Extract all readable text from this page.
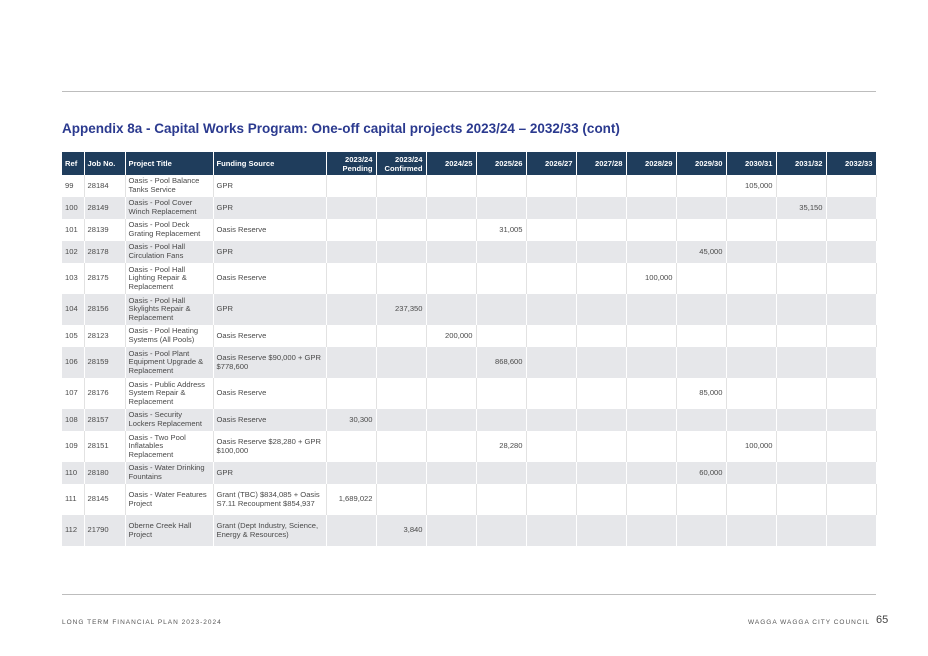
Appendix 8a - Capital Works Program: One-off capital projects 2023/24 – 2032/33 (cont)
Ref	Job No.	Project Title	Funding Source	2023/24 Pending	2023/24 Confirmed	2024/25	2025/26	2026/27	2027/28	2028/29	2029/30	2030/31	2031/32	2032/33
99	28184	Oasis - Pool Balance Tanks Service	GPR									105,000		
100	28149	Oasis - Pool Cover Winch Replacement	GPR										35,150	
101	28139	Oasis - Pool Deck Grating Replacement	Oasis Reserve				31,005							
102	28178	Oasis - Pool Hall Circulation Fans	GPR								45,000			
103	28175	Oasis - Pool Hall Lighting Repair & Replacement	Oasis Reserve							100,000				
104	28156	Oasis - Pool Hall Skylights Repair & Replacement	GPR		237,350									
105	28123	Oasis - Pool Heating Systems (All Pools)	Oasis Reserve			200,000								
106	28159	Oasis - Pool Plant Equipment Upgrade & Replacement	Oasis Reserve $90,000 + GPR $778,600				868,600							
107	28176	Oasis - Public Address System Repair & Replacement	Oasis Reserve								85,000			
108	28157	Oasis - Security Lockers Replacement	Oasis Reserve	30,300										
109	28151	Oasis - Two Pool Inflatables Replacement	Oasis Reserve $28,280 + GPR $100,000				28,280					100,000		
110	28180	Oasis - Water Drinking Fountains	GPR								60,000			
111	28145	Oasis - Water Features Project	Grant (TBC) $834,085 + Oasis S7.11 Recoupment $854,937	1,689,022										
112	21790	Oberne Creek Hall Project	Grant (Dept Industry, Science, Energy & Resources)		3,840									
LONG TERM FINANCIAL PLAN 2023-2024	WAGGA WAGGA CITY COUNCIL 65
